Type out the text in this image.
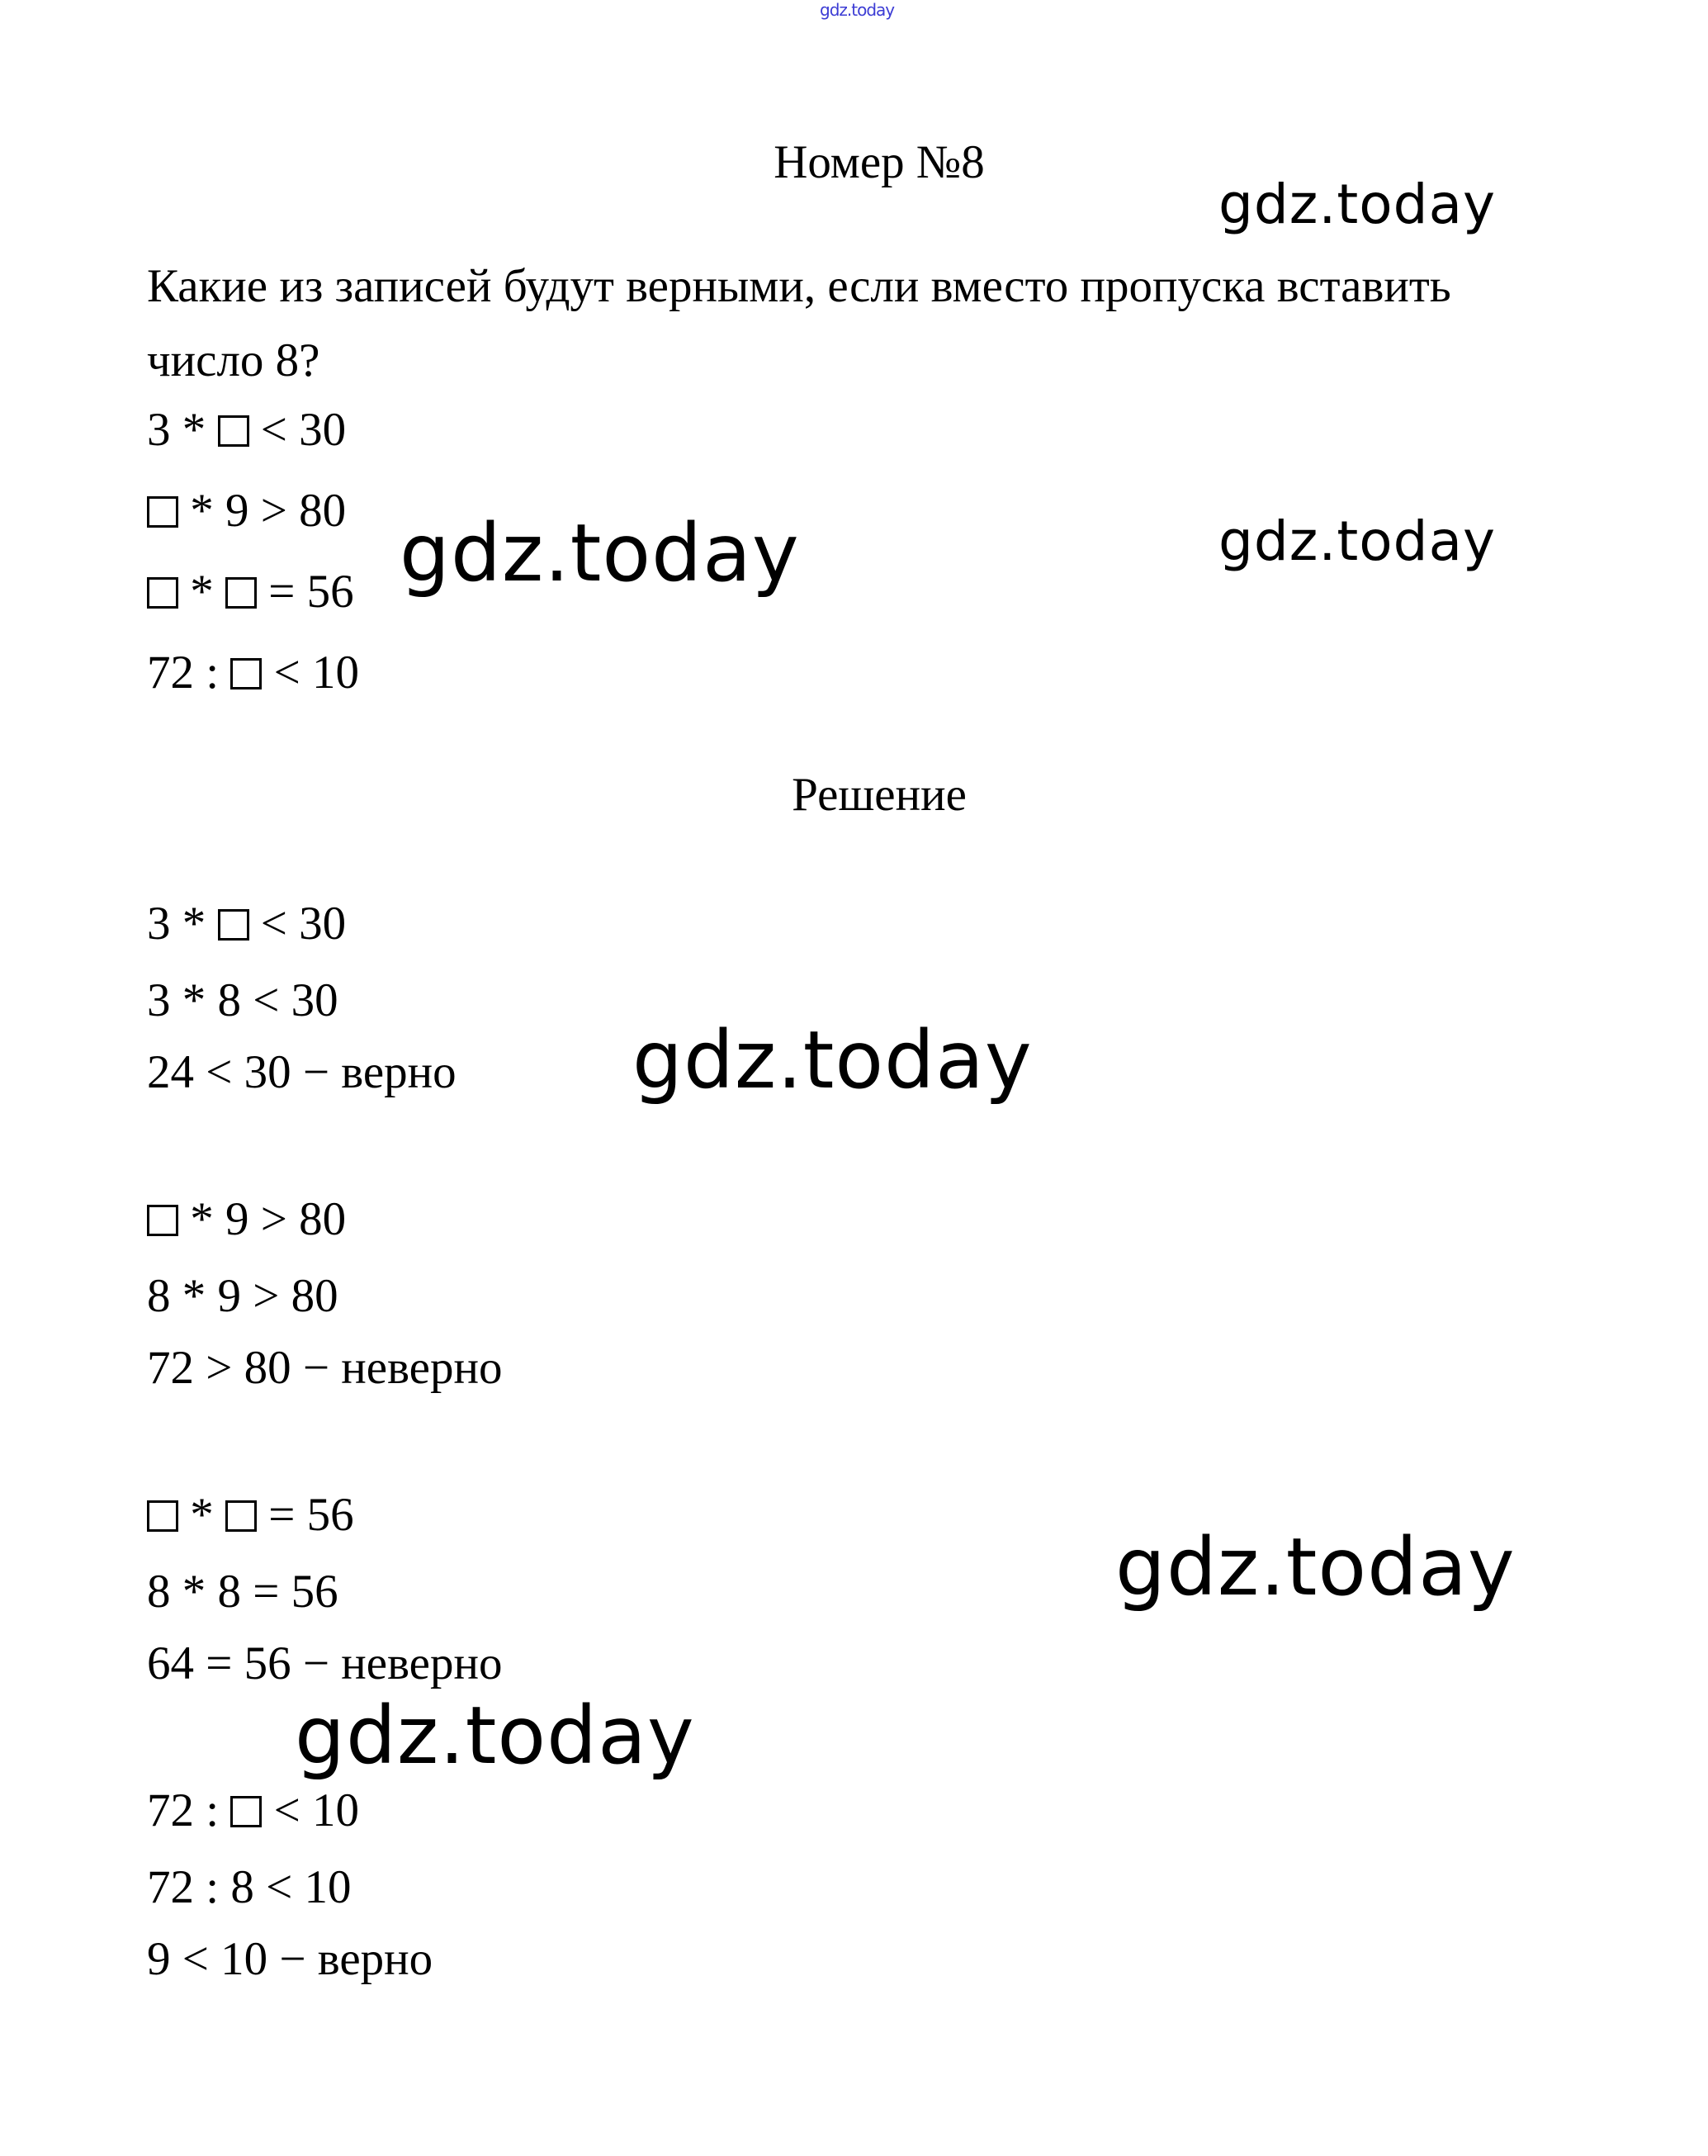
gdz.today
Номер №8
Какие из записей будут верными, если вместо пропуска вставить число 8?
3 *  < 30
* 9 > 80
*  = 56
72 :  < 10
Решение
3 *  < 30
3 * 8 < 30
24 < 30 − верно
* 9 > 80
8 * 9 > 80
72 > 80 − неверно
*  = 56
8 * 8 = 56
64 = 56 − неверно
72 :  < 10
72 : 8 < 10
9 < 10 − верно
gdz.today
gdz.today
gdz.today
gdz.today
gdz.today
gdz.today
